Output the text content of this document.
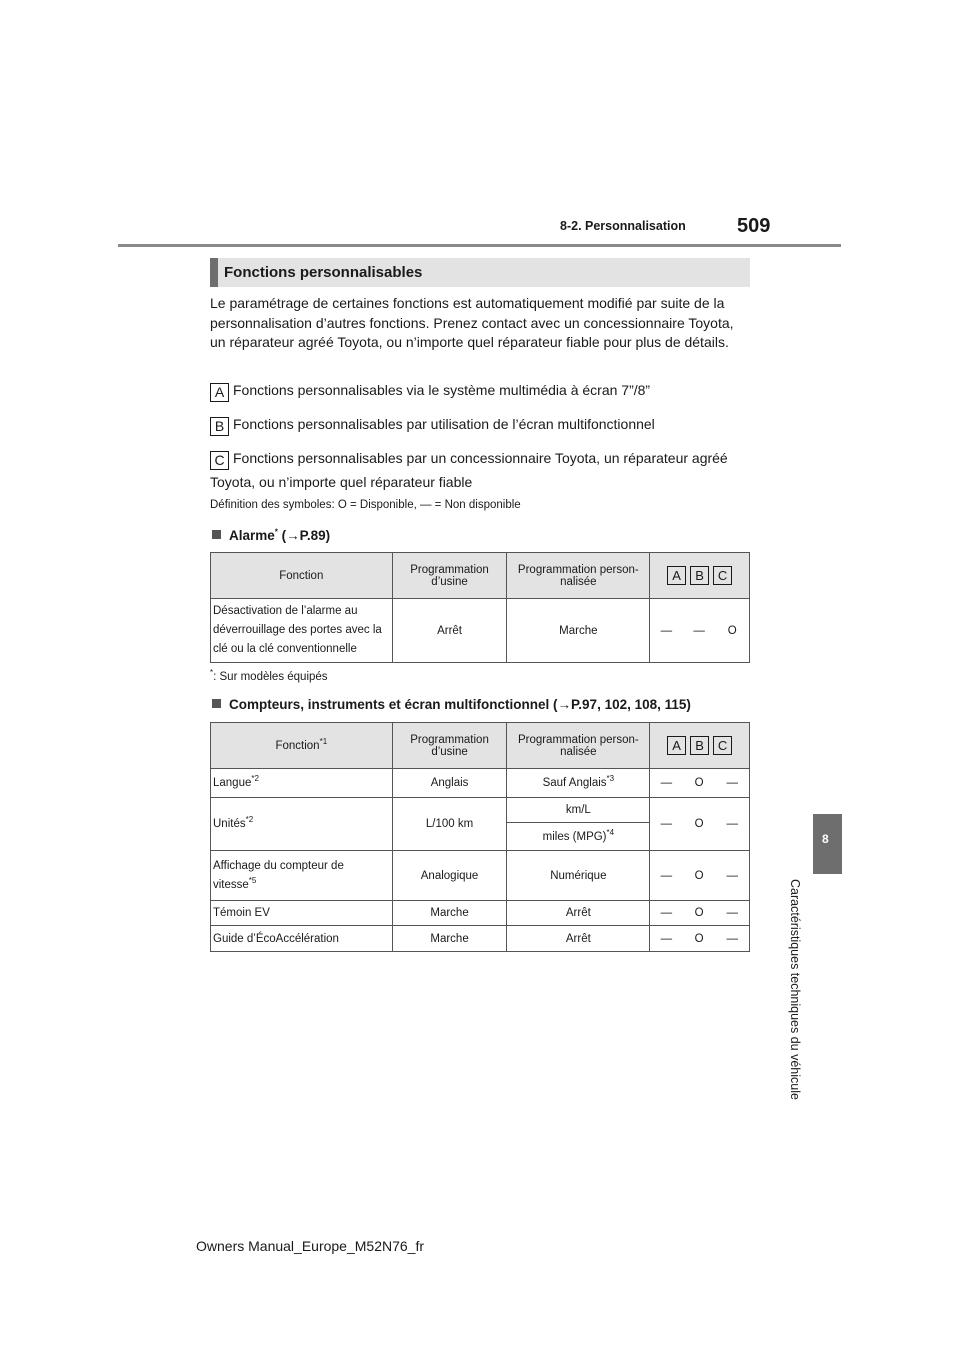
8-2. Personnalisation	509
8
Caractéristiques techniques du véhicule
Fonctions personnalisables
Le paramétrage de certaines fonctions est automatiquement modifié par suite de la personnalisation d’autres fonctions. Prenez contact avec un concessionnaire Toyota, un réparateur agréé Toyota, ou n’importe quel réparateur fiable pour plus de détails.
A Fonctions personnalisables via le système multimédia à écran 7”/8”
B Fonctions personnalisables par utilisation de l’écran multifonctionnel
C Fonctions personnalisables par un concessionnaire Toyota, un réparateur agréé
Toyota, ou n’importe quel réparateur fiable
Définition des symboles: O = Disponible, — = Non disponible
Alarme* (→P.89)
Fonction	Programmation d’usine	Programmation person- nalisée	A B C		
Désactivation de l’alarme au déverrouillage des portes avec la clé ou la clé conventionnelle	Arrêt	Marche	—	—	O
*: Sur modèles équipés
Compteurs, instruments et écran multifonctionnel (→P.97, 102, 108, 115)
Fonction$^{*1}$	Programmation d’usine	Programmation person- nalisée	A B C		
Langue$^{*2}$	Anglais	Sauf Anglais$^{*3}$	—	O	—
Unités$^{*2}$	L/100 km	km/L	—	O	—
		miles (MPG)$^{*4}$
Affichage du compteur de vitesse$^{*5}$	Analogique	Numérique	—	O	—
Témoin EV	Marche	Arrêt	—	O	—
Guide d’ÉcoAccélération	Marche	Arrêt	—	O	—
Owners Manual_Europe_M52N76_fr
